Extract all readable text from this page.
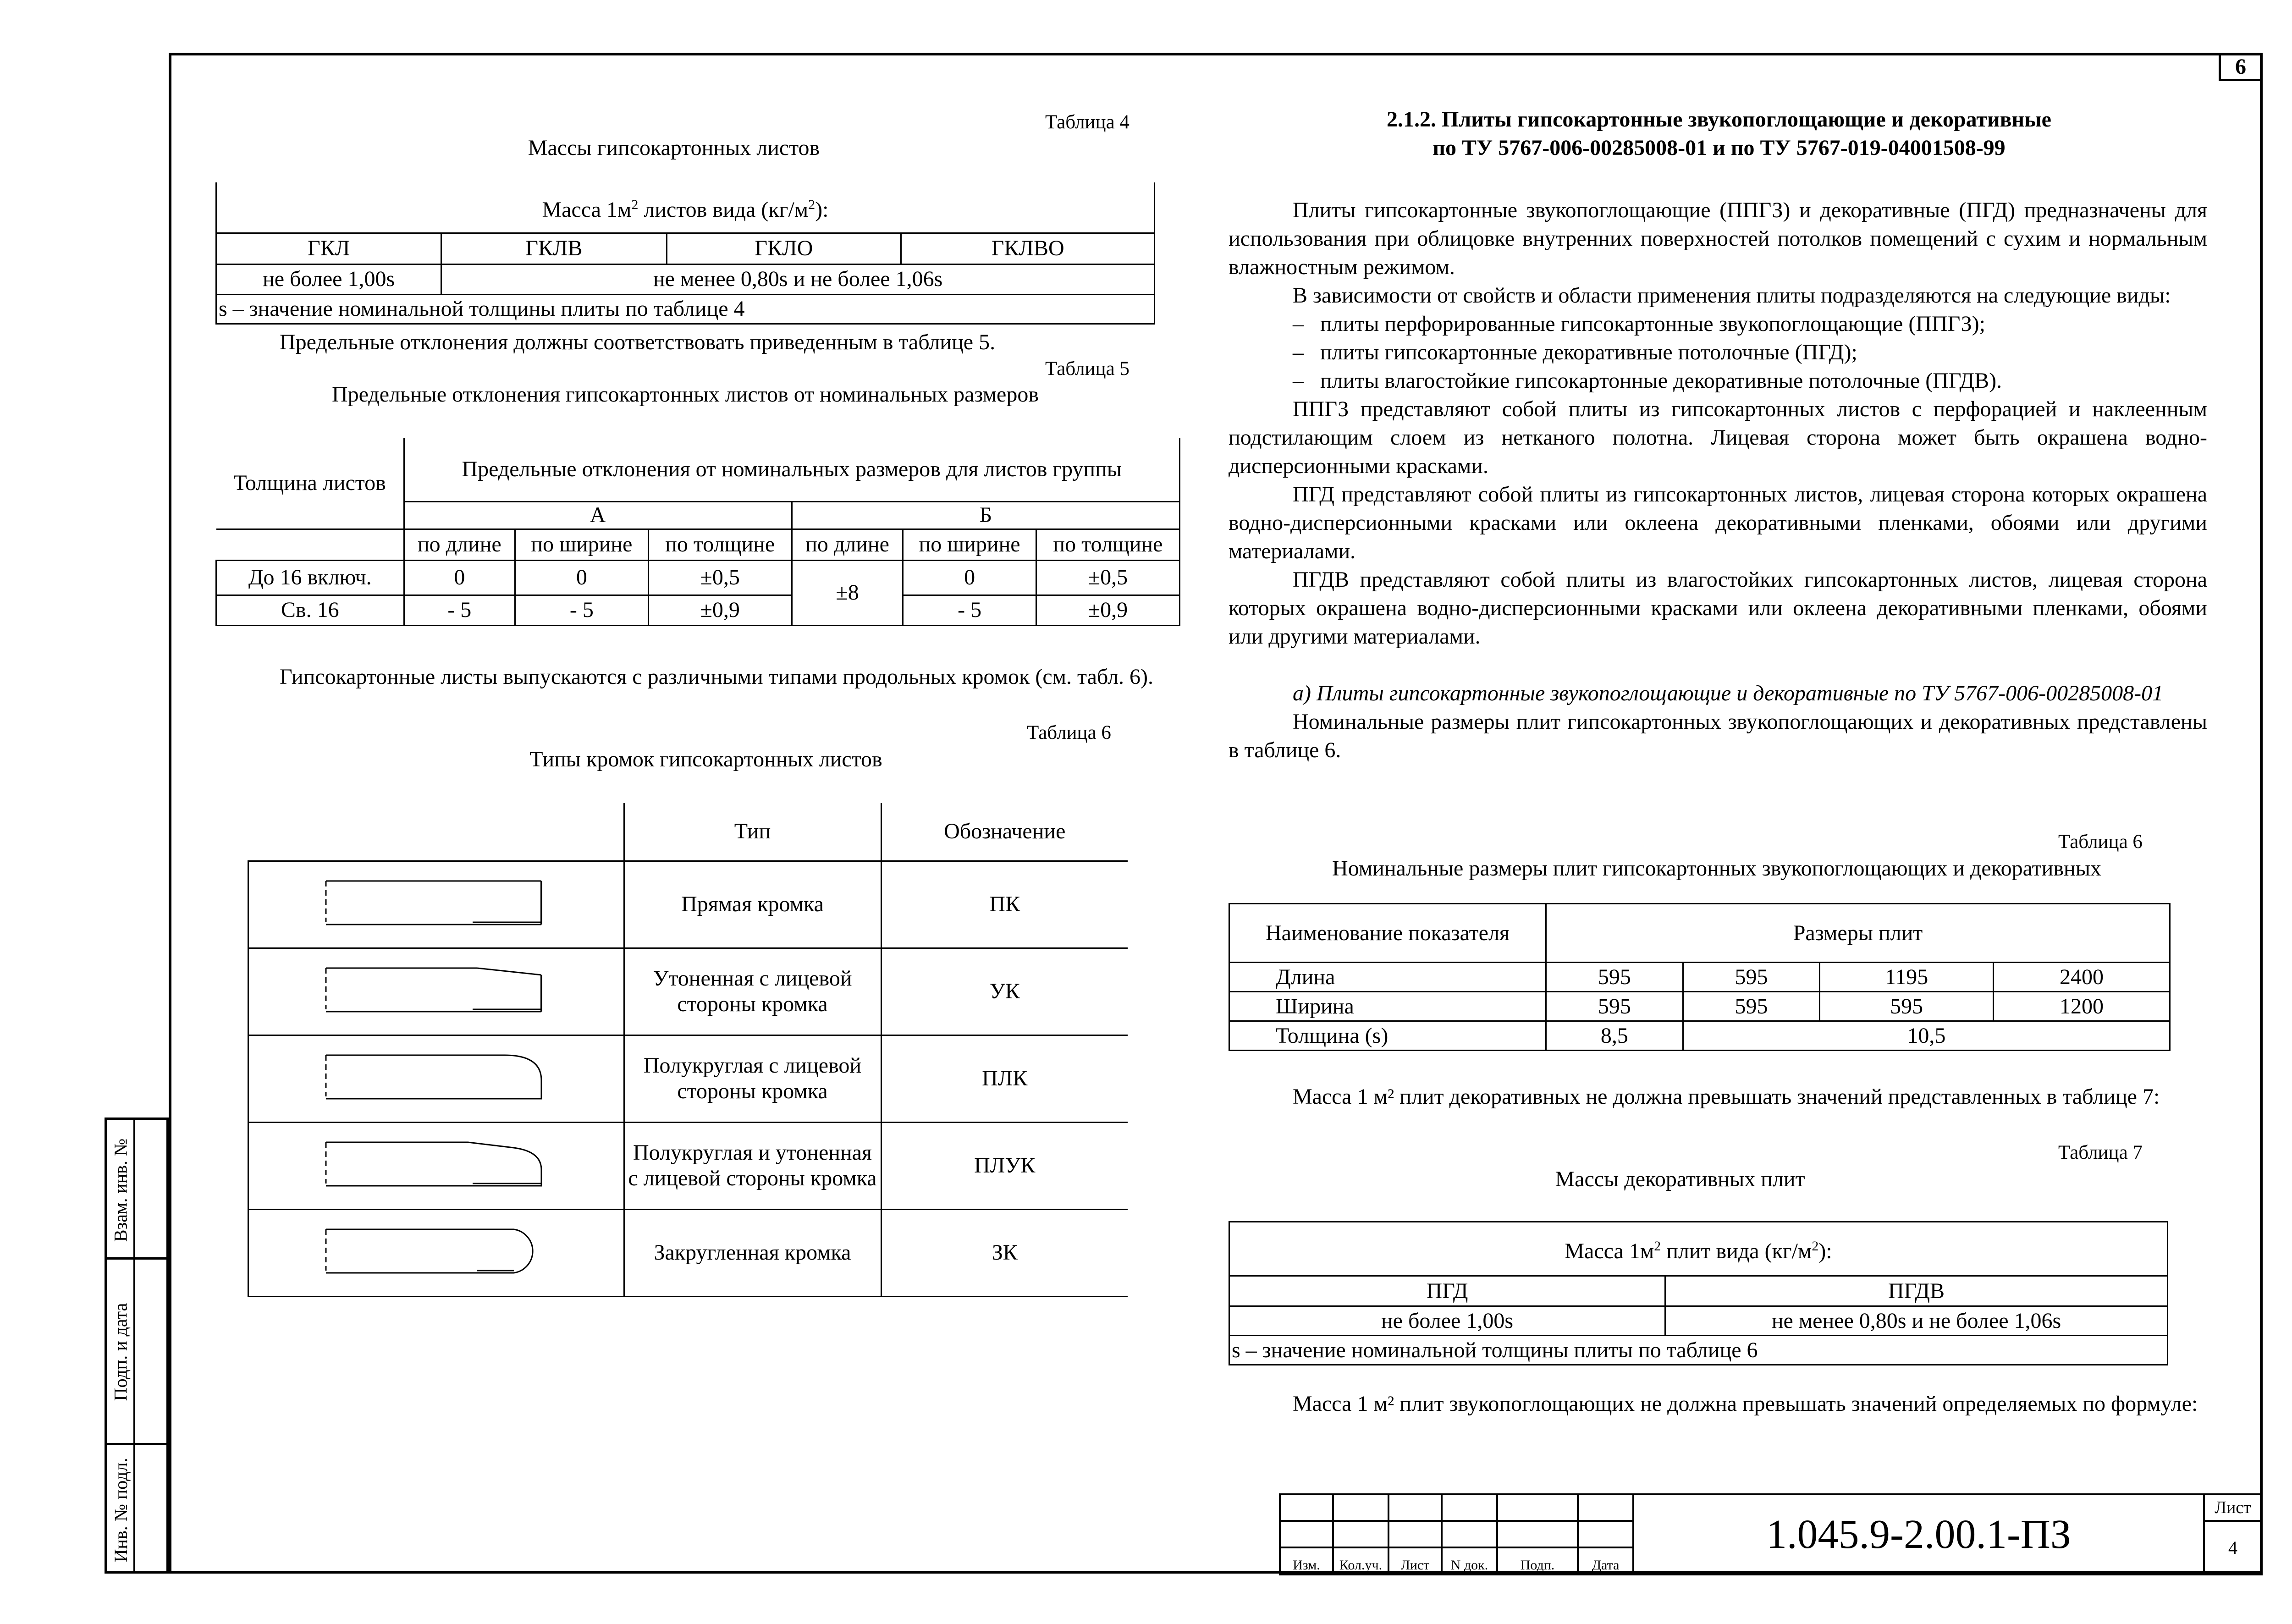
6
Таблица 4
Массы гипсокартонных листов
Масса $1м^2$ листов вида $(кг/м^2)$:			
ГКЛ	ГКЛВ	ГКЛО	ГКЛВО
не более 1,00s	не менее 0,80s и не более 1,06s		
s – значение номинальной толщины плиты по таблице 4			
Предельные отклонения должны соответствовать приведенным в таблице 5.
Таблица 5
Предельные отклонения гипсокартонных листов от номинальных размеров
Толщина листов	Предельные отклонения от номинальных размеров для листов группы					
	А			Б		
	по длине	по ширине	по толщине	по длине	по ширине	по толщине
До 16 включ.	0	0	±0,5	±8	0	±0,5
Св. 16	- 5	- 5	±0,9		- 5	±0,9

Гипсокартонные листы выпускаются с различными типами продольных кромок (см. табл. 6).

Таблица 6
Типы кромок гипсокартонных листов
	Тип	Обозначение
	Прямая кромка	ПК
	Утоненная с лицевой стороны кромка	УК
	Полукруглая с лицевой стороны кромка	ПЛК
	Полукруглая и утоненная с лицевой стороны кромка	ПЛУК
	Закругленная кромка	ЗК
2.1.2. Плиты гипсокартонные звукопоглощающие и декоративные
по ТУ 5767-006-00285008-01 и по ТУ 5767-019-04001508-99

Плиты гипсокартонные звукопоглощающие (ППГЗ) и декоративные (ПГД) предназначены для использования при облицовке внутренних поверхностей потолков помещений с сухим и нормальным влажностным режимом.

В зависимости от свойств и области применения плиты подразделяются на следующие виды:

–   плиты перфорированные гипсокартонные звукопоглощающие (ППГЗ);

–   плиты гипсокартонные декоративные потолочные (ПГД);

–   плиты влагостойкие гипсокартонные декоративные потолочные (ПГДВ).

ППГЗ представляют собой плиты из гипсокартонных листов с перфорацией и наклеенным подстилающим слоем из нетканого полотна. Лицевая сторона может быть окрашена водно-дисперсионными красками.

ПГД представляют собой плиты из гипсокартонных листов, лицевая сторона которых окрашена водно-дисперсионными красками или оклеена декоративными пленками, обоями или другими материалами.

ПГДВ представляют собой плиты из влагостойких гипсокартонных листов, лицевая сторона которых окрашена водно-дисперсионными красками или оклеена декоративными пленками, обоями или другими материалами.

а) Плиты гипсокартонные звукопоглощающие и декоративные по ТУ 5767-006-00285008-01

Номинальные размеры плит гипсокартонных звукопоглощающих и декоративных представлены в таблице 6.

Таблица 6
Номинальные размеры плит гипсокартонных звукопоглощающих и декоративных
Наименование показателя	Размеры плит			
Длина	595	595	1195	2400
Ширина	595	595	595	1200
Толщина (s)	8,5	10,5		

Масса 1 м² плит декоративных не должна превышать значений представленных в таблице 7:

Таблица 7
Массы декоративных плит
Масса $1м^2$ плит вида $(кг/м^2)$:	
ПГД	ПГДВ
не более 1,00s	не менее 0,80s и не более 1,06s
s – значение номинальной толщины плиты по таблице 6	

Масса 1 м² плит звукопоглощающих не должна превышать значений определяемых по формуле:

Взам. инв. №
Подп. и дата
Инв. № подл.
							1.045.9-2.00.1-ПЗ	Лист
							4
Изм.	Кол.уч.	Лист	N док.	Подп.	Дата		
